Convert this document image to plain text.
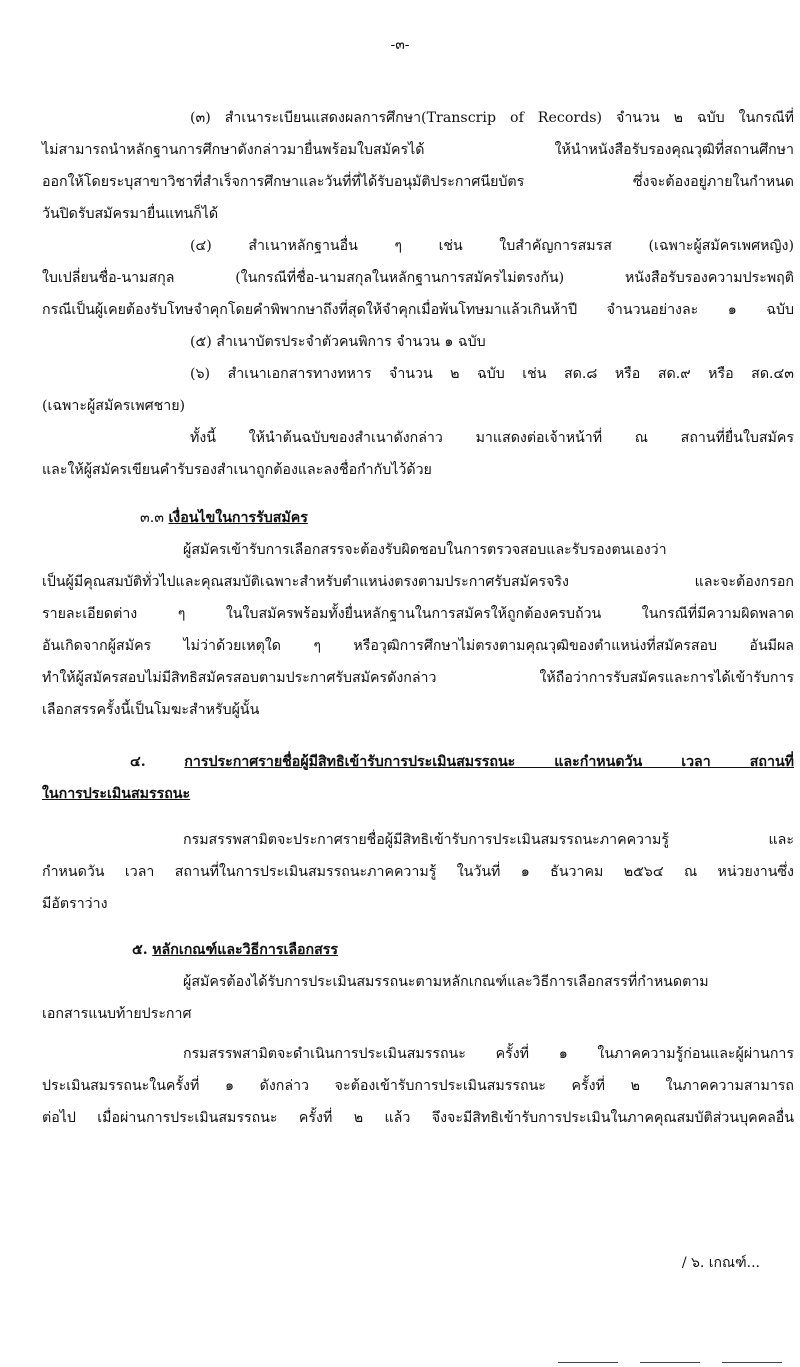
-๓-
(๓) สำเนาระเบียนแสดงผลการศึกษา(Transcrip of Records) จำนวน ๒ ฉบับ ในกรณีที่
ไม่สามารถนำหลักฐานการศึกษาดังกล่าวมายื่นพร้อมใบสมัครได้ ให้นำหนังสือรับรองคุณวุฒิที่สถานศึกษา
ออกให้โดยระบุสาขาวิชาที่สำเร็จการศึกษาและวันที่ที่ได้รับอนุมัติประกาศนียบัตร ซึ่งจะต้องอยู่ภายในกำหนด
วันปิดรับสมัครมายื่นแทนก็ได้
(๔) สำเนาหลักฐานอื่น ๆ เช่น ใบสำคัญการสมรส (เฉพาะผู้สมัครเพศหญิง)
ใบเปลี่ยนชื่อ-นามสกุล (ในกรณีที่ชื่อ-นามสกุลในหลักฐานการสมัครไม่ตรงกัน) หนังสือรับรองความประพฤติ
กรณีเป็นผู้เคยต้องรับโทษจำคุกโดยคำพิพากษาถึงที่สุดให้จำคุกเมื่อพ้นโทษมาแล้วเกินห้าปี จำนวนอย่างละ ๑ ฉบับ
(๕) สำเนาบัตรประจำตัวคนพิการ จำนวน ๑ ฉบับ
(๖) สำเนาเอกสารทางทหาร จำนวน ๒ ฉบับ เช่น สด.๘ หรือ สด.๙ หรือ สด.๔๓
(เฉพาะผู้สมัครเพศชาย)
ทั้งนี้ ให้นำต้นฉบับของสำเนาดังกล่าว มาแสดงต่อเจ้าหน้าที่ ณ สถานที่ยื่นใบสมัคร
และให้ผู้สมัครเขียนคำรับรองสำเนาถูกต้องและลงชื่อกำกับไว้ด้วย
๓.๓ เงื่อนไขในการรับสมัคร
ผู้สมัครเข้ารับการเลือกสรรจะต้องรับผิดชอบในการตรวจสอบและรับรองตนเองว่า
เป็นผู้มีคุณสมบัติทั่วไปและคุณสมบัติเฉพาะสำหรับตำแหน่งตรงตามประกาศรับสมัครจริง และจะต้องกรอก
รายละเอียดต่าง ๆ ในใบสมัครพร้อมทั้งยื่นหลักฐานในการสมัครให้ถูกต้องครบถ้วน ในกรณีที่มีความผิดพลาด
อันเกิดจากผู้สมัคร ไม่ว่าด้วยเหตุใด ๆ หรือวุฒิการศึกษาไม่ตรงตามคุณวุฒิของตำแหน่งที่สมัครสอบ อันมีผล
ทำให้ผู้สมัครสอบไม่มีสิทธิสมัครสอบตามประกาศรับสมัครดังกล่าว ให้ถือว่าการรับสมัครและการได้เข้ารับการ
เลือกสรรครั้งนี้เป็นโมฆะสำหรับผู้นั้น
๔.	การประกาศรายชื่อผู้มีสิทธิเข้ารับการประเมินสมรรถนะ และกำหนดวัน เวลา สถานที่
ในการประเมินสมรรถนะ
กรมสรรพสามิตจะประกาศรายชื่อผู้มีสิทธิเข้ารับการประเมินสมรรถนะภาคความรู้ และ
กำหนดวัน เวลา สถานที่ในการประเมินสมรรถนะภาคความรู้ ในวันที่ ๑ ธันวาคม ๒๕๖๔ ณ หน่วยงานซึ่ง
มีอัตราว่าง
๕. หลักเกณฑ์และวิธีการเลือกสรร
ผู้สมัครต้องได้รับการประเมินสมรรถนะตามหลักเกณฑ์และวิธีการเลือกสรรที่กำหนดตาม
เอกสารแนบท้ายประกาศ
กรมสรรพสามิตจะดำเนินการประเมินสมรรถนะ ครั้งที่ ๑ ในภาคความรู้ก่อนและผู้ผ่านการ
ประเมินสมรรถนะในครั้งที่ ๑ ดังกล่าว จะต้องเข้ารับการประเมินสมรรถนะ ครั้งที่ ๒ ในภาคความสามารถ
ต่อไป เมื่อผ่านการประเมินสมรรถนะ ครั้งที่ ๒ แล้ว จึงจะมีสิทธิเข้ารับการประเมินในภาคคุณสมบัติส่วนบุคคลอื่น
/ ๖. เกณฑ์...
